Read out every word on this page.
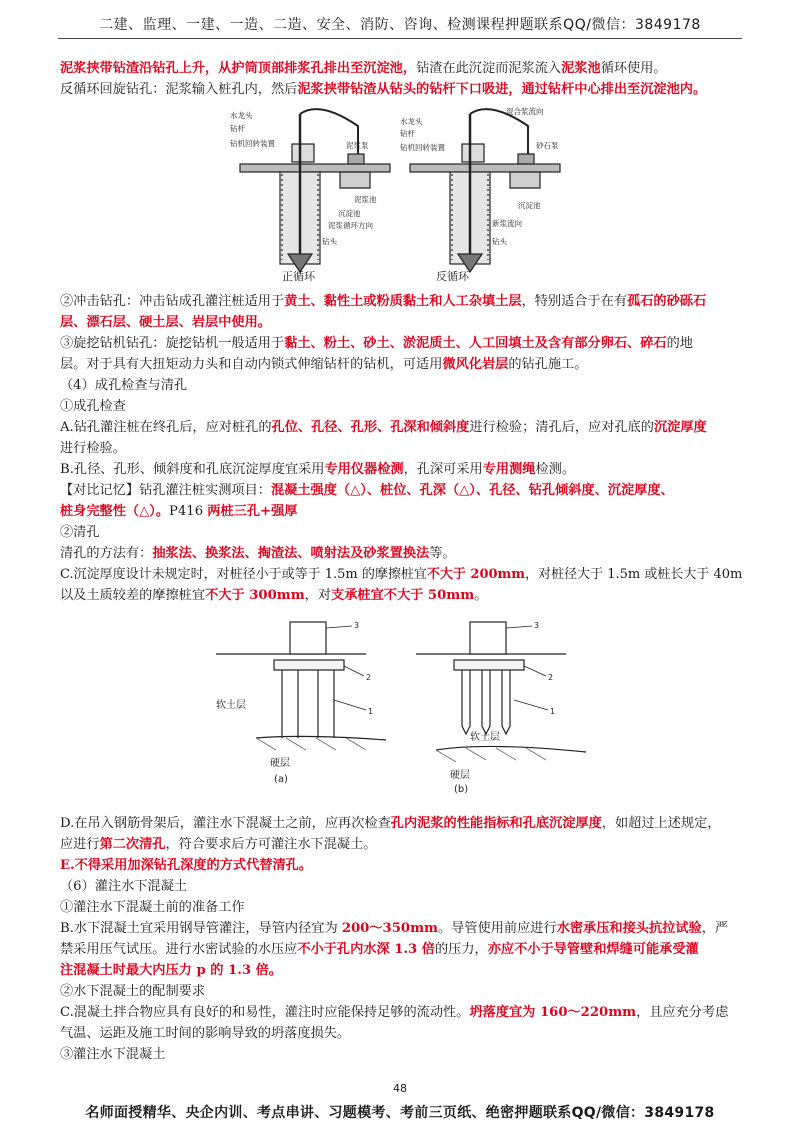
二建、监理、一建、一造、二造、安全、消防、咨询、检测课程押题联系QQ/微信：3849178
泥浆挟带钻渣沿钻孔上升，从护筒顶部排浆孔排出至沉淀池，钻渣在此沉淀而泥浆流入泥浆池循环使用。
反循环回旋钻孔：泥浆输入桩孔内，然后泥浆挟带钻渣从钻头的钻杆下口吸进，通过钻杆中心排出至沉淀池内。
水龙头
钻杆
钻机回转装置	泥浆泵
泥浆池
沉淀池
泥浆循环方向
钻头
正循环
混合浆流向
水龙头
钻杆
钻机回转装置	砂石泵
沉淀池
新浆流向
钻头
反循环
②冲击钻孔：冲击钻成孔灌注桩适用于黄土、黏性土或粉质黏土和人工杂填土层，特别适合于在有孤石的砂砾石
层、漂石层、硬土层、岩层中使用。
③旋挖钻机钻孔：旋挖钻机一般适用于黏土、粉土、砂土、淤泥质土、人工回填土及含有部分卵石、碎石的地
层。对于具有大扭矩动力头和自动内锁式伸缩钻杆的钻机，可适用微风化岩层的钻孔施工。
（4）成孔检查与清孔
①成孔检查
A.钻孔灌注桩在终孔后，应对桩孔的孔位、孔径、孔形、孔深和倾斜度进行检验；清孔后，应对孔底的沉淀厚度
进行检验。
B.孔径、孔形、倾斜度和孔底沉淀厚度宜采用专用仪器检测，孔深可采用专用测绳检测。
【对比记忆】钻孔灌注桩实测项目：混凝土强度（△）、桩位、孔深（△）、孔径、钻孔倾斜度、沉淀厚度、
桩身完整性（△）。P416 两桩三孔+强厚
②清孔
清孔的方法有：抽浆法、换浆法、掏渣法、喷射法及砂浆置换法等。
C.沉淀厚度设计未规定时，对桩径小于或等于 1.5m 的摩擦桩宜不大于 200mm，对桩径大于 1.5m 或桩长大于 40m
以及土质较差的摩擦桩宜不大于 300mm，对支承桩宜不大于 50mm。
软土层
硬层
(a)
3
2
1
软土层
硬层
(b)
3
2
1
D.在吊入钢筋骨架后，灌注水下混凝土之前，应再次检查孔内泥浆的性能指标和孔底沉淀厚度，如超过上述规定，
应进行第二次清孔，符合要求后方可灌注水下混凝土。
E.不得采用加深钻孔深度的方式代替清孔。
（6）灌注水下混凝土
①灌注水下混凝土前的准备工作
B.水下混凝土宜采用钢导管灌注，导管内径宜为 200～350mm。导管使用前应进行水密承压和接头抗拉试验，严
禁采用压气试压。进行水密试验的水压应不小于孔内水深 1.3 倍的压力，亦应不小于导管壁和焊缝可能承受灌
注混凝土时最大内压力 p 的 1.3 倍。
②水下混凝土的配制要求
C.混凝土拌合物应具有良好的和易性，灌注时应能保持足够的流动性。坍落度宜为 160～220mm，且应充分考虑
气温、运距及施工时间的影响导致的坍落度损失。
③灌注水下混凝土
48
名师面授精华、央企内训、考点串讲、习题模考、考前三页纸、绝密押题联系QQ/微信：3849178
